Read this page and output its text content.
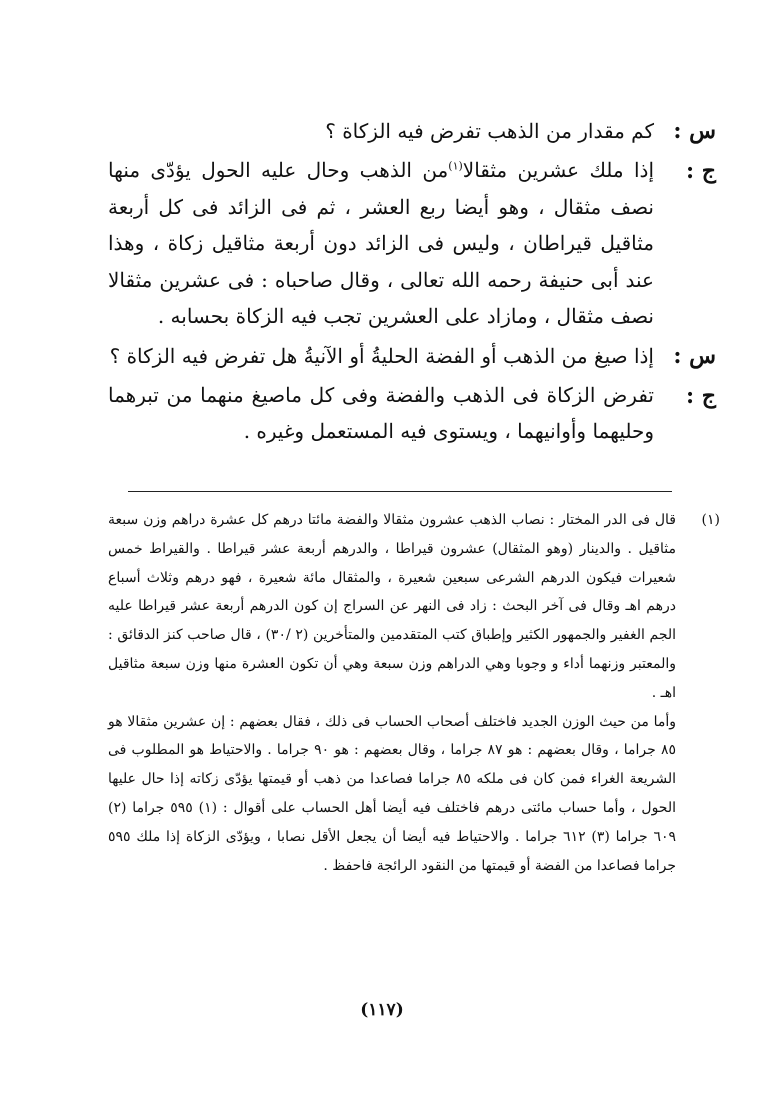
س :
كم مقدار من الذهب تفرض فيه الزكاة ؟
ج :
إذا ملك عشرين مثقالا$^{(١)}$من الذهب وحال عليه الحول يؤدّى منها نصف مثقال ، وهو أيضا ربع العشر ، ثم فى الزائد فى كل أربعة مثاقيل قيراطان ، وليس فى الزائد دون أربعة مثاقيل زكاة ، وهذا عند أبى حنيفة رحمه الله تعالى ، وقال صاحباه : فى عشرين مثقالا نصف مثقال ، ومازاد على العشرين تجب فيه الزكاة بحسابه .
س :
إذا صيغ من الذهب أو الفضة الحليةُ أو الآنيةُ هل تفرض فيه الزكاة ؟
ج :
تفرض الزكاة فى الذهب والفضة وفى كل ماصيغ منهما من تبرهما وحليهما وأوانيهما ، ويستوى فيه المستعمل وغيره .
(١)

قال فى الدر المختار : نصاب الذهب عشرون مثقالا والفضة مائتا درهم كل عشرة دراهم وزن سبعة مثاقيل . والدينار (وهو المثقال) عشرون قيراطا ، والدرهم أربعة عشر قيراطا . والقيراط خمس شعيرات فيكون الدرهم الشرعى سبعين شعيرة ، والمثقال مائة شعيرة ، فهو درهم وثلاث أسباع درهم اهـ وقال فى آخر البحث : زاد فى النهر عن السراج إن كون الدرهم أربعة عشر قيراطا عليه الجم الغفير والجمهور الكثير وإطباق كتب المتقدمين والمتأخرين (٢ /٣٠) ، قال صاحب كنز الدقائق : والمعتبر وزنهما أداء و وجوبا وهي الدراهم وزن سبعة وهي أن تكون العشرة منها وزن سبعة مثاقيل اهـ .

وأما من حيث الوزن الجديد فاختلف أصحاب الحساب فى ذلك ، فقال بعضهم : إن عشرين مثقالا هو ٨٥ جراما ، وقال بعضهم : هو ٨٧ جراما ، وقال بعضهم : هو ٩٠ جراما . والاحتياط هو المطلوب فى الشريعة الغراء فمن كان فى ملكه ٨٥ جراما فصاعدا من ذهب أو قيمتها يؤدّى زكاته إذا حال عليها الحول ، وأما حساب مائتى درهم فاختلف فيه أيضا أهل الحساب على أقوال : (١) ٥٩٥ جراما (٢) ٦٠٩ جراما (٣) ٦١٢ جراما . والاحتياط فيه أيضا أن يجعل الأقل نصابا ، ويؤدّى الزكاة إذا ملك ٥٩٥ جراما فصاعدا من الفضة أو قيمتها من النقود الرائجة فاحفظ .

(١١٧)
